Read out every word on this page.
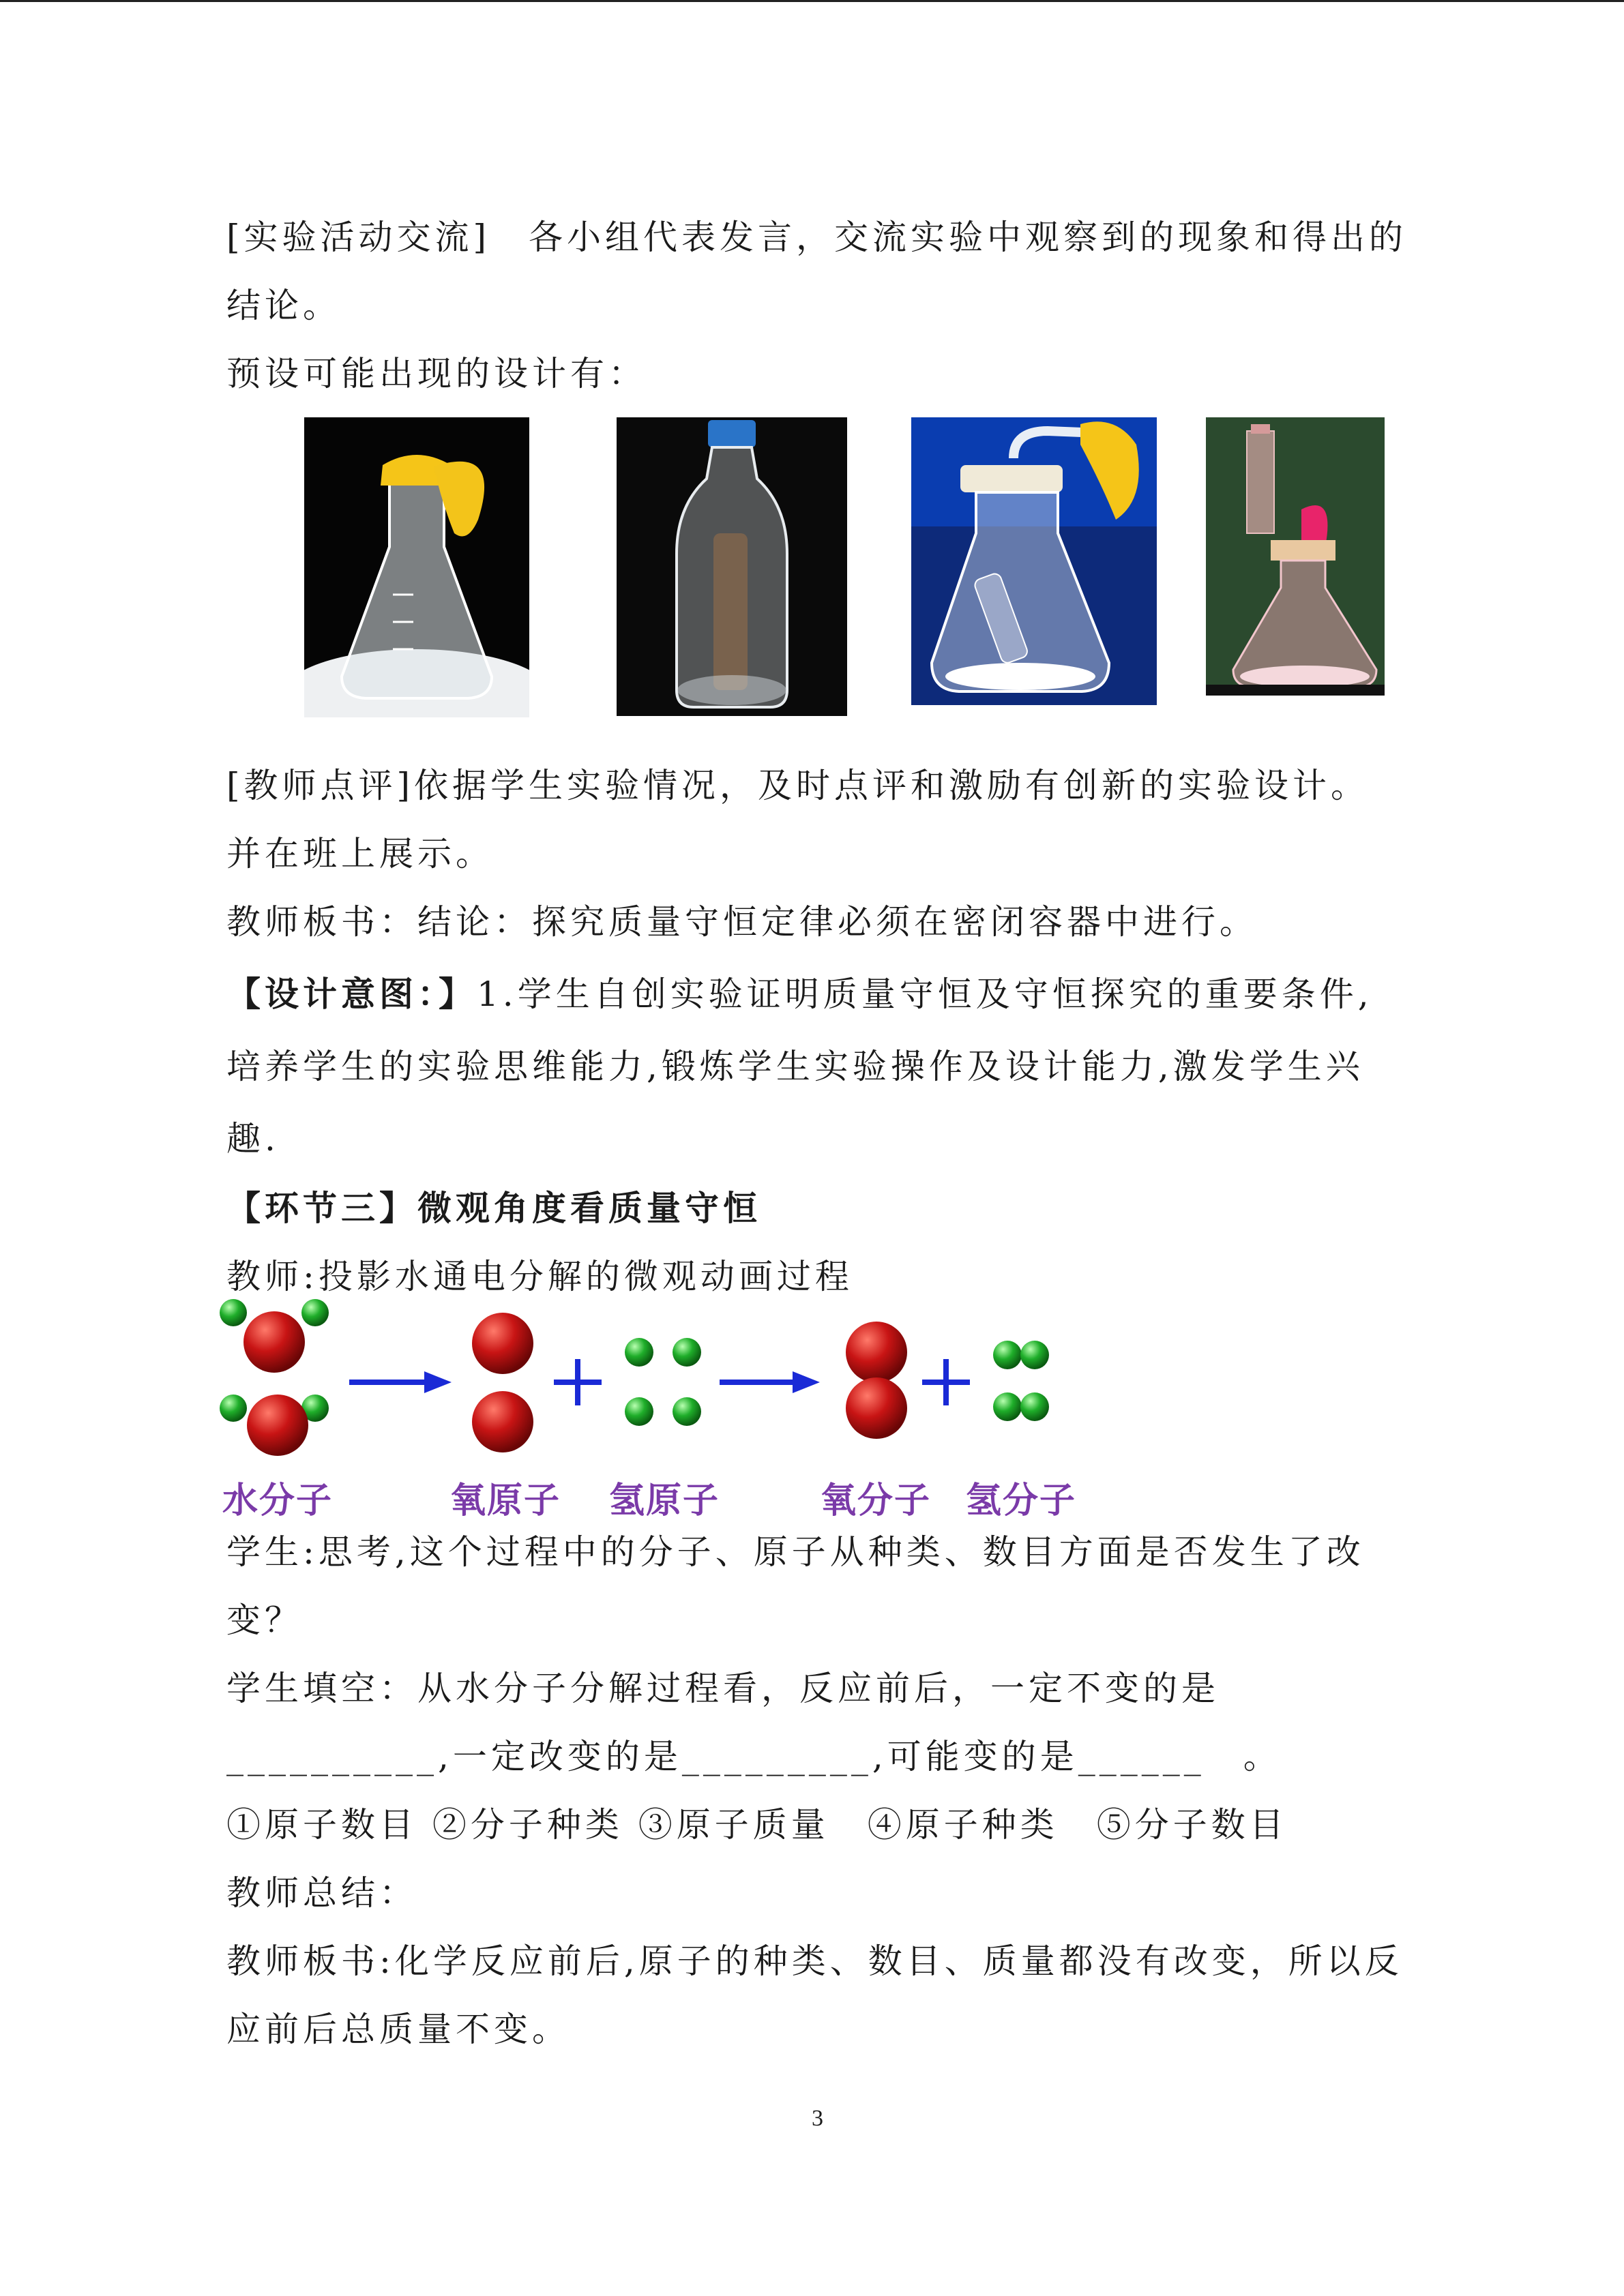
[实验活动交流]　各小组代表发言，交流实验中观察到的现象和得出的
结论。
预设可能出现的设计有：
[教师点评]依据学生实验情况，及时点评和激励有创新的实验设计。
并在班上展示。
教师板书：结论：探究质量守恒定律必须在密闭容器中进行。
【设计意图：】1.学生自创实验证明质量守恒及守恒探究的重要条件,
培养学生的实验思维能力,锻炼学生实验操作及设计能力,激发学生兴
趣.
【环节三】微观角度看质量守恒
教师:投影水通电分解的微观动画过程
水分子	氧原子 氢原子	氧分子 氢分子
学生:思考,这个过程中的分子、原子从种类、数目方面是否发生了改
变？
学生填空：从水分子分解过程看，反应前后，一定不变的是
__________,一定改变的是_________,可能变的是______　。
①原子数目 ②分子种类 ③原子质量　④原子种类　⑤分子数目
教师总结：
教师板书:化学反应前后,原子的种类、数目、质量都没有改变，所以反
应前后总质量不变。
3
